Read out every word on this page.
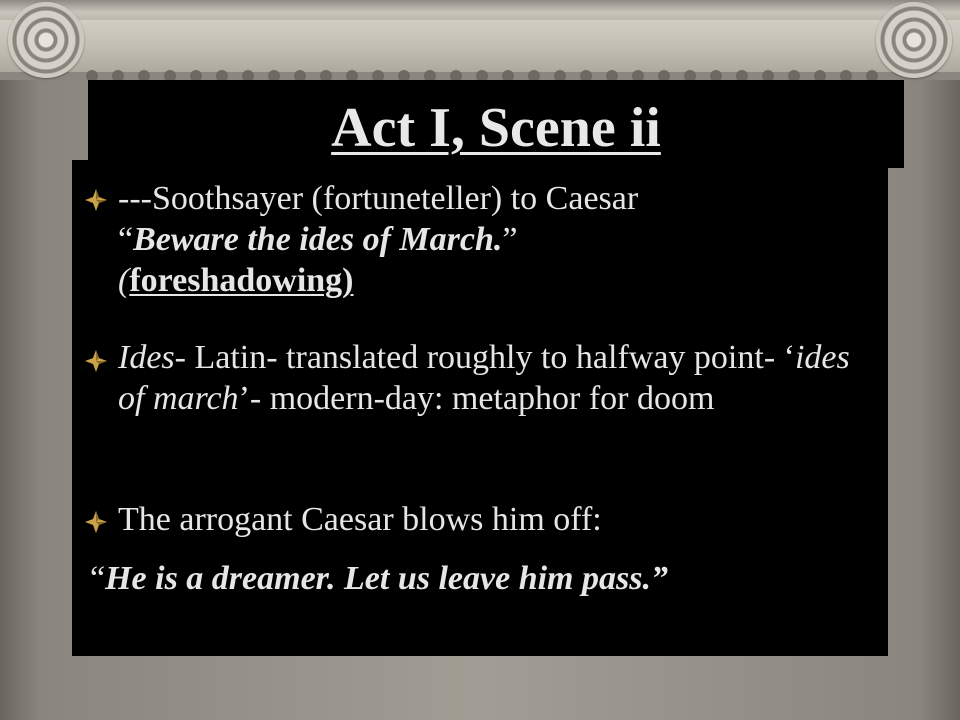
Act I, Scene ii
---Soothsayer (fortuneteller) to Caesar
“Beware the ides of March.”
(foreshadowing)
Ides- Latin- translated roughly to halfway point- ‘ides of march’- modern-day: metaphor for doom
The arrogant Caesar blows him off:
“He is a dreamer. Let us leave him pass.”
